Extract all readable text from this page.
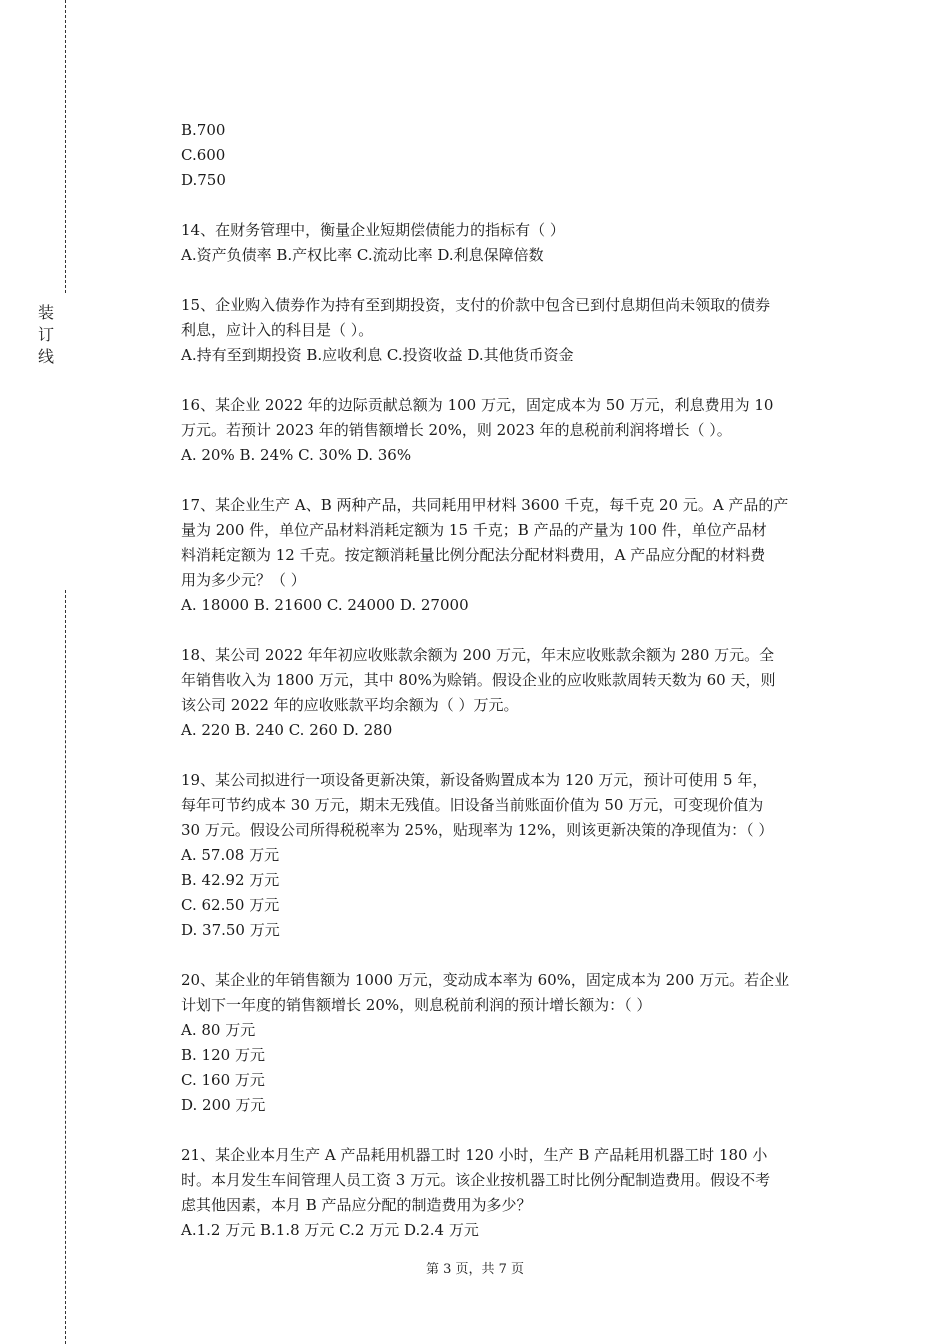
装
订
线
B.700
C.600
D.750
14、在财务管理中，衡量企业短期偿债能力的指标有（ ）
A.资产负债率 B.产权比率 C.流动比率 D.利息保障倍数
15、企业购入债券作为持有至到期投资，支付的价款中包含已到付息期但尚未领取的债券
利息，应计入的科目是（ ）。
A.持有至到期投资 B.应收利息 C.投资收益 D.其他货币资金
16、某企业 2022 年的边际贡献总额为 100 万元，固定成本为 50 万元，利息费用为 10
万元。若预计 2023 年的销售额增长 20%，则 2023 年的息税前利润将增长（ ）。
A. 20% B. 24% C. 30% D. 36%
17、某企业生产 A、B 两种产品，共同耗用甲材料 3600 千克，每千克 20 元。A 产品的产
量为 200 件，单位产品材料消耗定额为 15 千克；B 产品的产量为 100 件，单位产品材
料消耗定额为 12 千克。按定额消耗量比例分配法分配材料费用，A 产品应分配的材料费
用为多少元？（ ）
A. 18000 B. 21600 C. 24000 D. 27000
18、某公司 2022 年年初应收账款余额为 200 万元，年末应收账款余额为 280 万元。全
年销售收入为 1800 万元，其中 80%为赊销。假设企业的应收账款周转天数为 60 天，则
该公司 2022 年的应收账款平均余额为（ ）万元。
A. 220 B. 240 C. 260 D. 280
19、某公司拟进行一项设备更新决策，新设备购置成本为 120 万元，预计可使用 5 年，
每年可节约成本 30 万元，期末无残值。旧设备当前账面价值为 50 万元，可变现价值为
30 万元。假设公司所得税税率为 25%，贴现率为 12%，则该更新决策的净现值为：（ ）
A. 57.08 万元
B. 42.92 万元
C. 62.50 万元
D. 37.50 万元
20、某企业的年销售额为 1000 万元，变动成本率为 60%，固定成本为 200 万元。若企业
计划下一年度的销售额增长 20%，则息税前利润的预计增长额为：（ ）
A. 80 万元
B. 120 万元
C. 160 万元
D. 200 万元
21、某企业本月生产 A 产品耗用机器工时 120 小时，生产 B 产品耗用机器工时 180 小
时。本月发生车间管理人员工资 3 万元。该企业按机器工时比例分配制造费用。假设不考
虑其他因素，本月 B 产品应分配的制造费用为多少？
A.1.2 万元 B.1.8 万元 C.2 万元 D.2.4 万元
第 3 页，共 7 页
